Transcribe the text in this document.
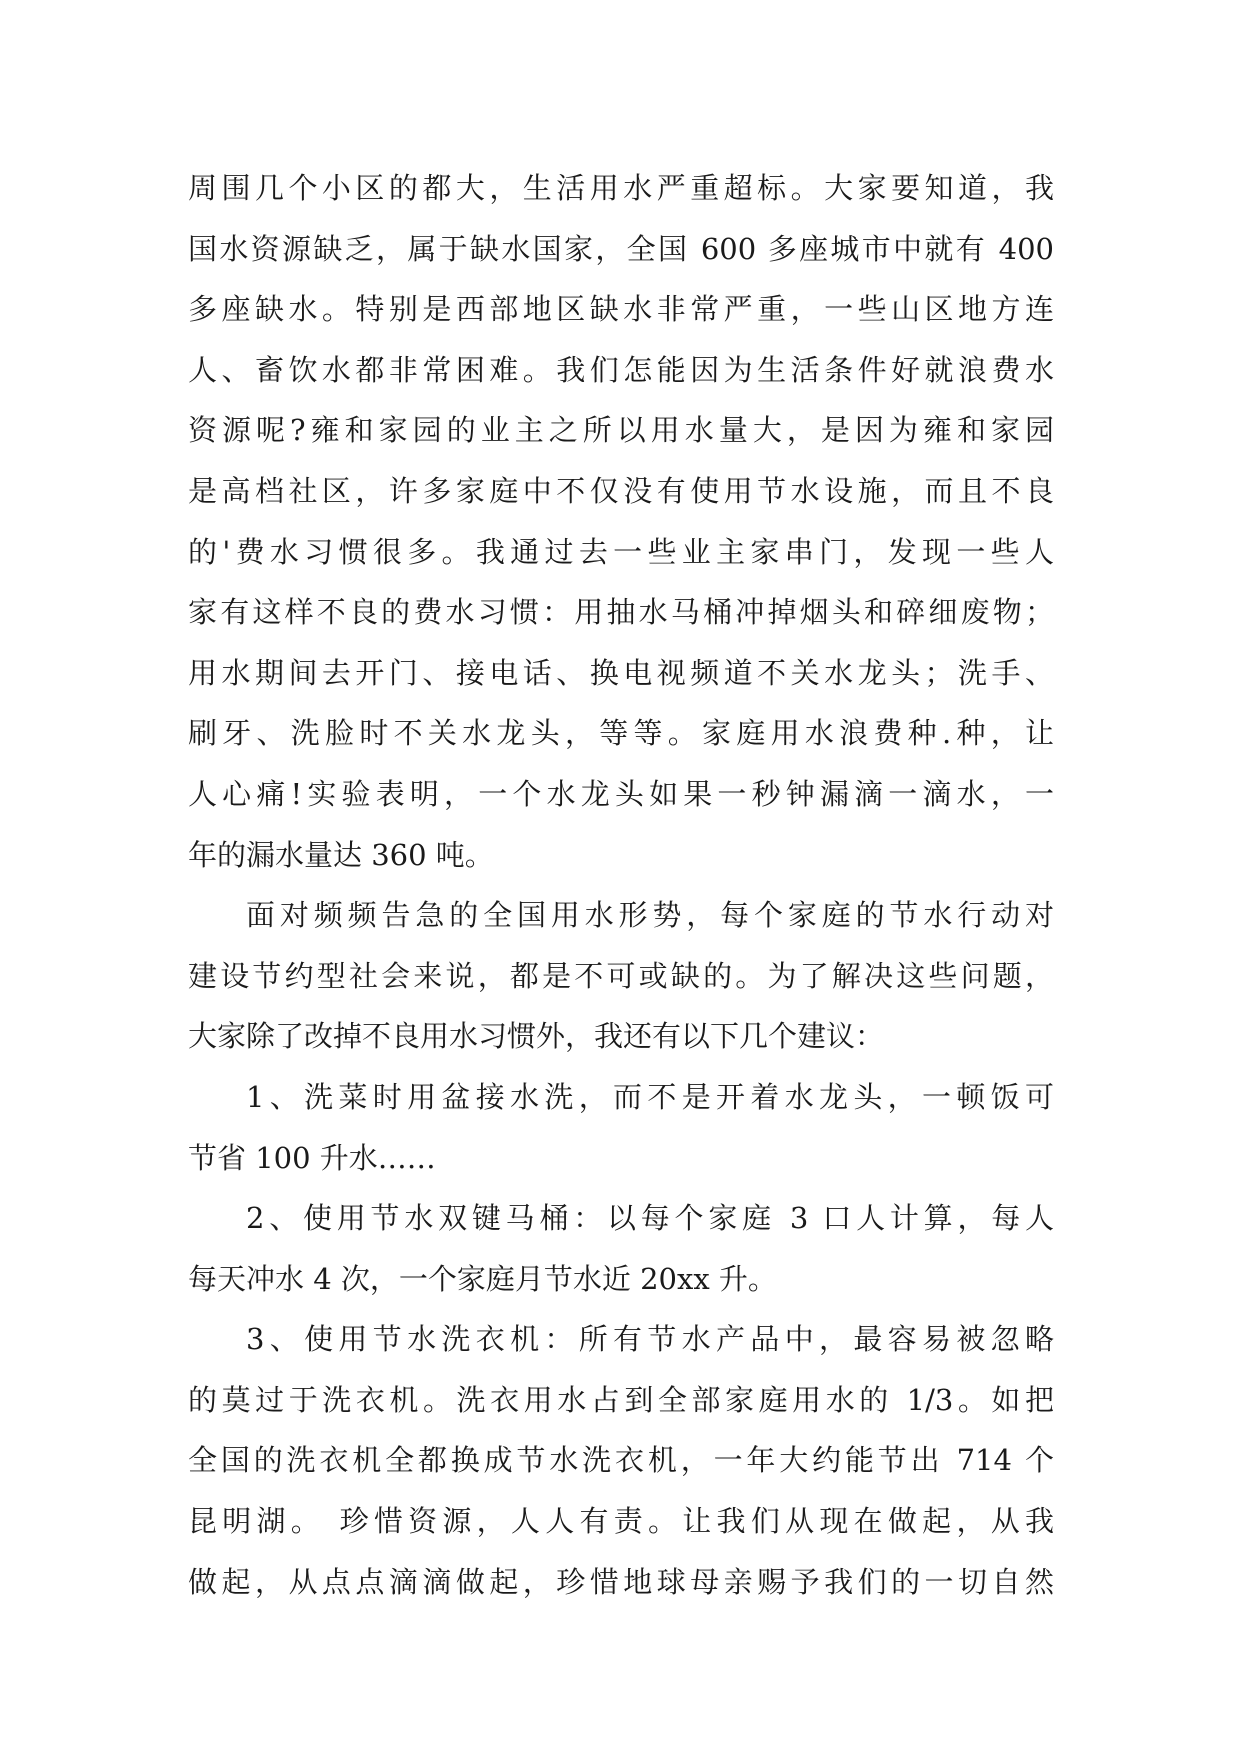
周围几个小区的都大，生活用水严重超标。大家要知道，我
国水资源缺乏，属于缺水国家，全国 600 多座城市中就有 400
多座缺水。特别是西部地区缺水非常严重，一些山区地方连
人、畜饮水都非常困难。我们怎能因为生活条件好就浪费水
资源呢?雍和家园的业主之所以用水量大，是因为雍和家园
是高档社区，许多家庭中不仅没有使用节水设施，而且不良
的'费水习惯很多。我通过去一些业主家串门，发现一些人
家有这样不良的费水习惯：用抽水马桶冲掉烟头和碎细废物；
用水期间去开门、接电话、换电视频道不关水龙头；洗手、
刷牙、洗脸时不关水龙头，等等。家庭用水浪费种.种，让
人心痛!实验表明，一个水龙头如果一秒钟漏滴一滴水，一
年的漏水量达 360 吨。
面对频频告急的全国用水形势，每个家庭的节水行动对
建设节约型社会来说，都是不可或缺的。为了解决这些问题，
大家除了改掉不良用水习惯外，我还有以下几个建议：
1、洗菜时用盆接水洗，而不是开着水龙头，一顿饭可
节省 100 升水……
2、使用节水双键马桶：以每个家庭 3 口人计算，每人
每天冲水 4 次，一个家庭月节水近 20xx 升。
3、使用节水洗衣机：所有节水产品中，最容易被忽略
的莫过于洗衣机。洗衣用水占到全部家庭用水的 1/3。如把
全国的洗衣机全都换成节水洗衣机，一年大约能节出 714 个
昆明湖。 珍惜资源，人人有责。让我们从现在做起，从我
做起，从点点滴滴做起，珍惜地球母亲赐予我们的一切自然
